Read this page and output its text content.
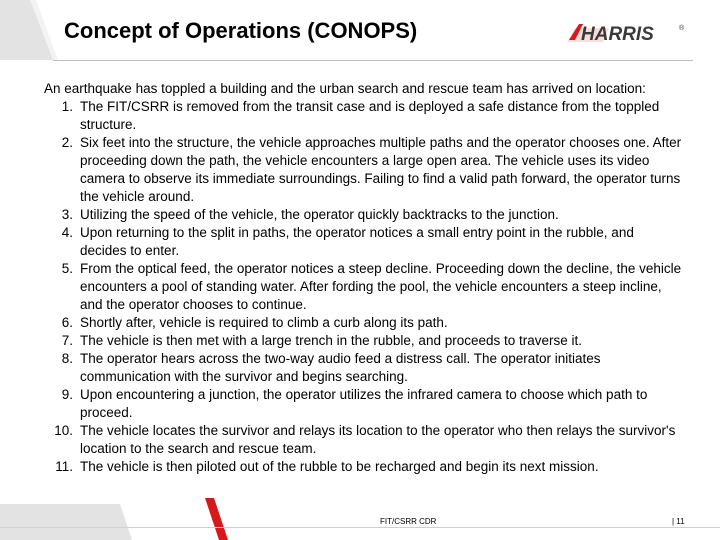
Concept of Operations (CONOPS)	HARRIS	®

An earthquake has toppled a building and the urban search and rescue team has arrived on location:

1. The FIT/CSRR is removed from the transit case and is deployed a safe distance from the toppled structure.
2. Six feet into the structure, the vehicle approaches multiple paths and the operator chooses one. After proceeding down the path, the vehicle encounters a large open area. The vehicle uses its video camera to observe its immediate surroundings. Failing to find a valid path forward, the operator turns the vehicle around.
3. Utilizing the speed of the vehicle, the operator quickly backtracks to the junction.
4. Upon returning to the split in paths, the operator notices a small entry point in the rubble, and decides to enter.
5. From the optical feed, the operator notices a steep decline. Proceeding down the decline, the vehicle encounters a pool of standing water. After fording the pool, the vehicle encounters a steep incline, and the operator chooses to continue.
6. Shortly after, vehicle is required to climb a curb along its path.
7. The vehicle is then met with a large trench in the rubble, and proceeds to traverse it.
8. The operator hears across the two-way audio feed a distress call. The operator initiates communication with the survivor and begins searching.
9. Upon encountering a junction, the operator utilizes the infrared camera to choose which path to proceed.
10. The vehicle locates the survivor and relays its location to the operator who then relays the survivor's location to the search and rescue team.
11. The vehicle is then piloted out of the rubble to be recharged and begin its next mission.
FIT/CSRR CDR	| 11
